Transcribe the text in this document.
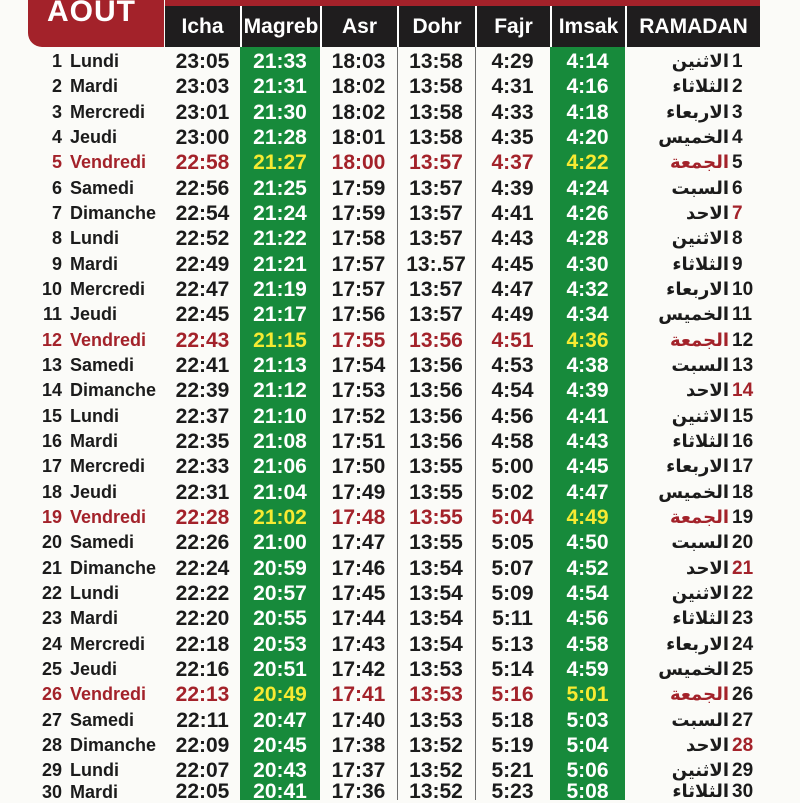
AOUT	Icha Magreb	Asr	Dohr	Fajr	Imsak RAMADAN
1 Lundi	23:05	21:33	18:03	13:58	4:29	4:14	الاثنين 1
2 Mardi	23:03	21:31	18:02	13:58	4:31	4:16	الثلاثاء 2
3 Mercredi	23:01	21:30	18:02	13:58	4:33	4:18	الاربعاء 3
4 Jeudi	23:00	21:28	18:01	13:58	4:35	4:20	الخميس 4
5 Vendredi	22:58	21:27	18:00	13:57	4:37	4:22	الجمعة 5
6 Samedi	22:56	21:25	17:59	13:57	4:39	4:24	السبت 6
7 Dimanche 22:54	21:24	17:59	13:57	4:41	4:26	الاحد 7
8 Lundi	22:52	21:22	17:58	13:57	4:43	4:28	الاثنين 8
9 Mardi	22:49	21:21	17:57 13:.57	4:45	4:30	الثلاثاء 9
10 Mercredi	22:47	21:19	17:57	13:57	4:47	4:32	الاربعاء 10
11 Jeudi	22:45	21:17	17:56	13:57	4:49	4:34	الخميس 11
12 Vendredi	22:43	21:15	17:55	13:56	4:51	4:36	الجمعة 12
13 Samedi	22:41	21:13	17:54	13:56	4:53	4:38	السبت 13
14 Dimanche 22:39	21:12	17:53	13:56	4:54	4:39	الاحد 14
15 Lundi	22:37	21:10	17:52	13:56	4:56	4:41	الاثنين 15
16 Mardi	22:35	21:08	17:51	13:56	4:58	4:43	الثلاثاء 16
17 Mercredi	22:33	21:06	17:50	13:55	5:00	4:45	الاربعاء 17
18 Jeudi	22:31	21:04	17:49	13:55	5:02	4:47	الخميس 18
19 Vendredi	22:28	21:02	17:48	13:55	5:04	4:49	الجمعة 19
20 Samedi	22:26	21:00	17:47	13:55	5:05	4:50	السبت 20
21 Dimanche 22:24	20:59	17:46	13:54	5:07	4:52	الاحد 21
22 Lundi	22:22	20:57	17:45	13:54	5:09	4:54	الاثنين 22
23 Mardi	22:20	20:55	17:44	13:54	5:11	4:56	الثلاثاء 23
24 Mercredi	22:18	20:53	17:43	13:54	5:13	4:58	الاربعاء 24
25 Jeudi	22:16	20:51	17:42	13:53	5:14	4:59	الخميس 25
26 Vendredi	22:13	20:49	17:41	13:53	5:16	5:01	الجمعة 26
27 Samedi	22:11	20:47	17:40	13:53	5:18	5:03	السبت 27
28 Dimanche 22:09	20:45	17:38	13:52	5:19	5:04	الاحد 28
29 Lundi	22:07	20:43	17:37	13:52	5:21	5:06	الاثنين 29
30 Mardi	22:05	20:41	17:36	13:52	5:23	5:08	الثلاثاء 30
